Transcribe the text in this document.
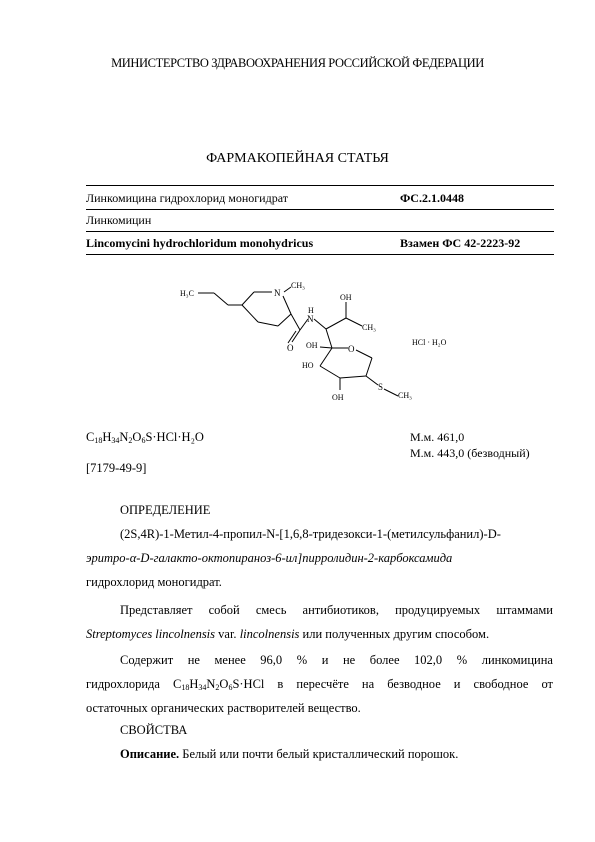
МИНИСТЕРСТВО ЗДРАВООХРАНЕНИЯ РОССИЙСКОЙ ФЕДЕРАЦИИ
ФАРМАКОПЕЙНАЯ СТАТЬЯ
Линкомицина гидрохлорид моногидрат	ФС.2.1.0448
Линкомицин
Lincomycini hydrochloridum monohydricus	Взамен ФС 42-2223-92
H₃C	N
CH₃
H
N
OH
CH₃
O OH	O
HO
OH
S
CH₃
HCl · H₂O
$C_{18}H_{34}N_2O_6S\cdot HCl\cdot H_2O$	М.м. 461,0
М.м. 443,0 (безводный)
[7179-49-9]
ОПРЕДЕЛЕНИЕ
(2S,4R)-1-Метил-4-пропил-N-[1,6,8-тридезокси-1-(метилсульфанил)-D-
эритро-α-D-галакто-октопираноз-6-ил]пирролидин-2-карбоксамида
гидрохлорид моногидрат.
Представляет собой смесь антибиотиков, продуцируемых штаммами
Streptomyces lincolnensis var. lincolnensis или полученных другим способом.
Содержит не менее 96,0 % и не более 102,0 % линкомицина
гидрохлорида $C_{18}H_{34}N_2O_6S\cdot HCl$ в пересчёте на безводное и свободное от
остаточных органических растворителей вещество.
СВОЙСТВА
Описание. Белый или почти белый кристаллический порошок.
